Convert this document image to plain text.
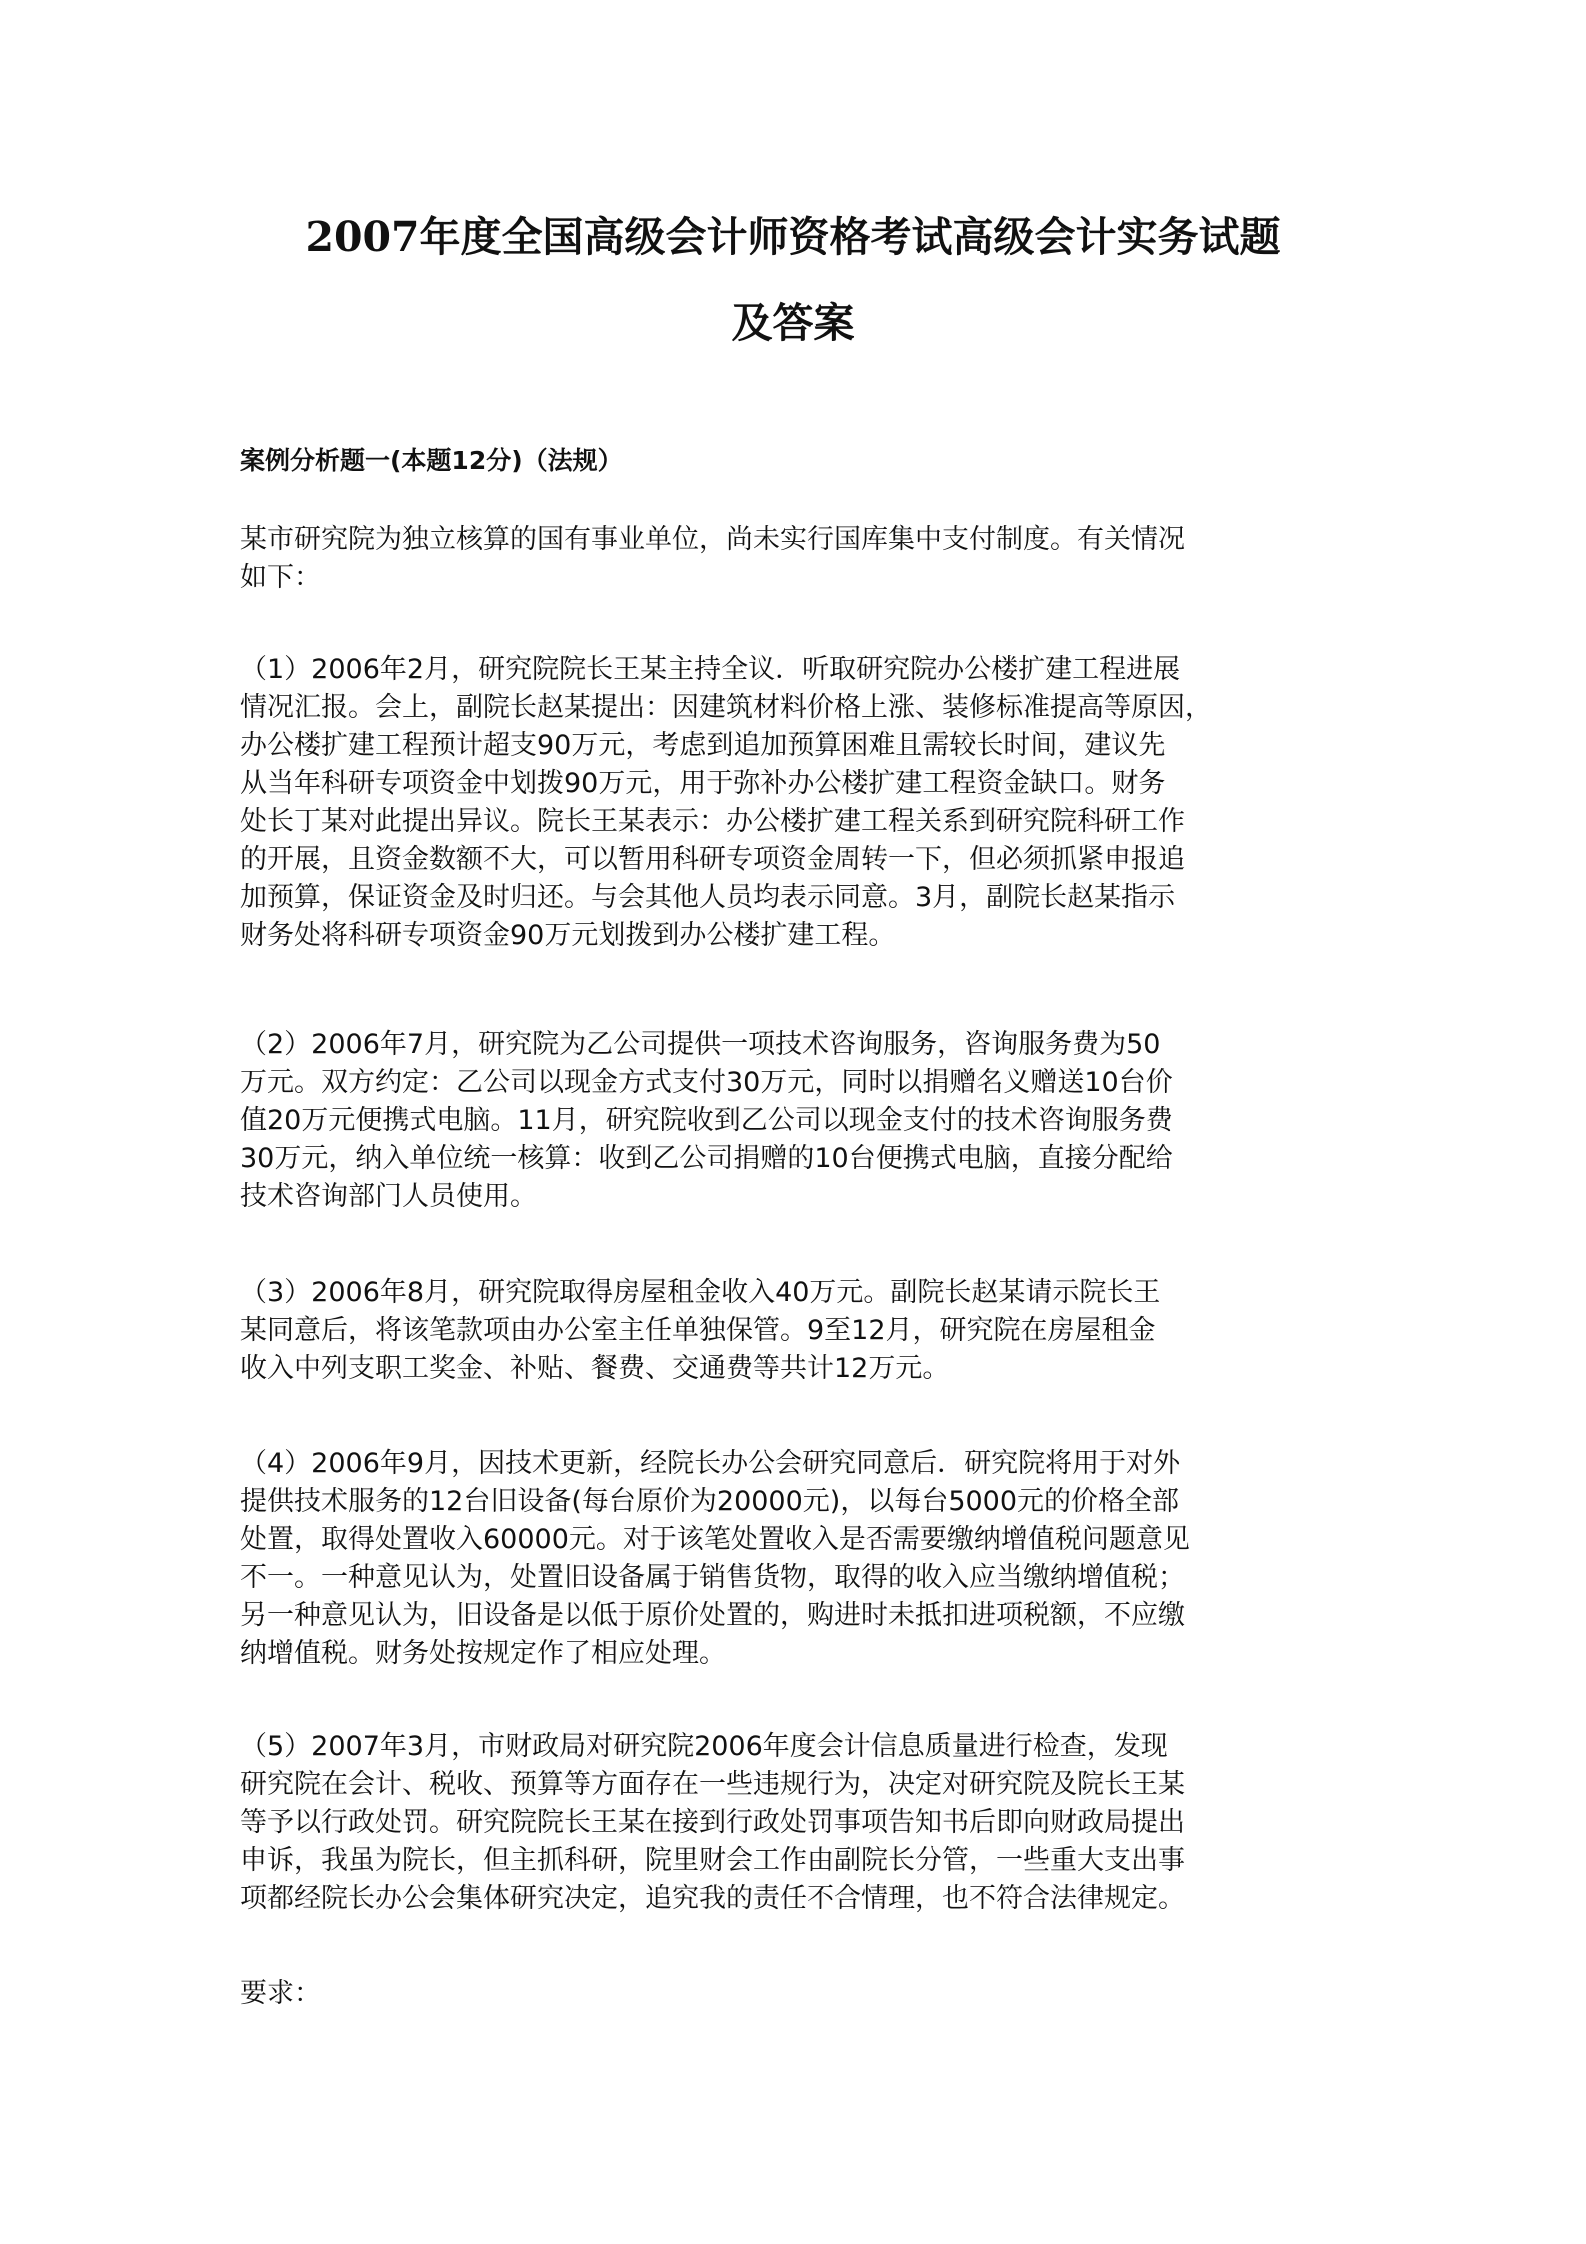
2007年度全国高级会计师资格考试高级会计实务试题
及答案
案例分析题一(本题12分)（法规）
某市研究院为独立核算的国有事业单位，尚未实行国库集中支付制度。有关情况
如下：
（1）2006年2月，研究院院长王某主持全议．听取研究院办公楼扩建工程进展
情况汇报。会上，副院长赵某提出：因建筑材料价格上涨、装修标准提高等原因，
办公楼扩建工程预计超支90万元，考虑到追加预算困难且需较长时间，建议先
从当年科研专项资金中划拨90万元，用于弥补办公楼扩建工程资金缺口。财务
处长丁某对此提出异议。院长王某表示：办公楼扩建工程关系到研究院科研工作
的开展，且资金数额不大，可以暂用科研专项资金周转一下，但必须抓紧申报追
加预算，保证资金及时归还。与会其他人员均表示同意。3月，副院长赵某指示
财务处将科研专项资金90万元划拨到办公楼扩建工程。
（2）2006年7月，研究院为乙公司提供一项技术咨询服务，咨询服务费为50
万元。双方约定：乙公司以现金方式支付30万元，同时以捐赠名义赠送10台价
值20万元便携式电脑。11月，研究院收到乙公司以现金支付的技术咨询服务费
30万元，纳入单位统一核算：收到乙公司捐赠的10台便携式电脑，直接分配给
技术咨询部门人员使用。
（3）2006年8月，研究院取得房屋租金收入40万元。副院长赵某请示院长王
某同意后，将该笔款项由办公室主任单独保管。9至12月，研究院在房屋租金
收入中列支职工奖金、补贴、餐费、交通费等共计12万元。
（4）2006年9月，因技术更新，经院长办公会研究同意后．研究院将用于对外
提供技术服务的12台旧设备(每台原价为20000元)，以每台5000元的价格全部
处置，取得处置收入60000元。对于该笔处置收入是否需要缴纳增值税问题意见
不一。一种意见认为，处置旧设备属于销售货物，取得的收入应当缴纳增值税；
另一种意见认为，旧设备是以低于原价处置的，购进时未抵扣进项税额，不应缴
纳增值税。财务处按规定作了相应处理。
（5）2007年3月，市财政局对研究院2006年度会计信息质量进行检查，发现
研究院在会计、税收、预算等方面存在一些违规行为，决定对研究院及院长王某
等予以行政处罚。研究院院长王某在接到行政处罚事项告知书后即向财政局提出
申诉，我虽为院长，但主抓科研，院里财会工作由副院长分管，一些重大支出事
项都经院长办公会集体研究决定，追究我的责任不合情理，也不符合法律规定。

要求：
